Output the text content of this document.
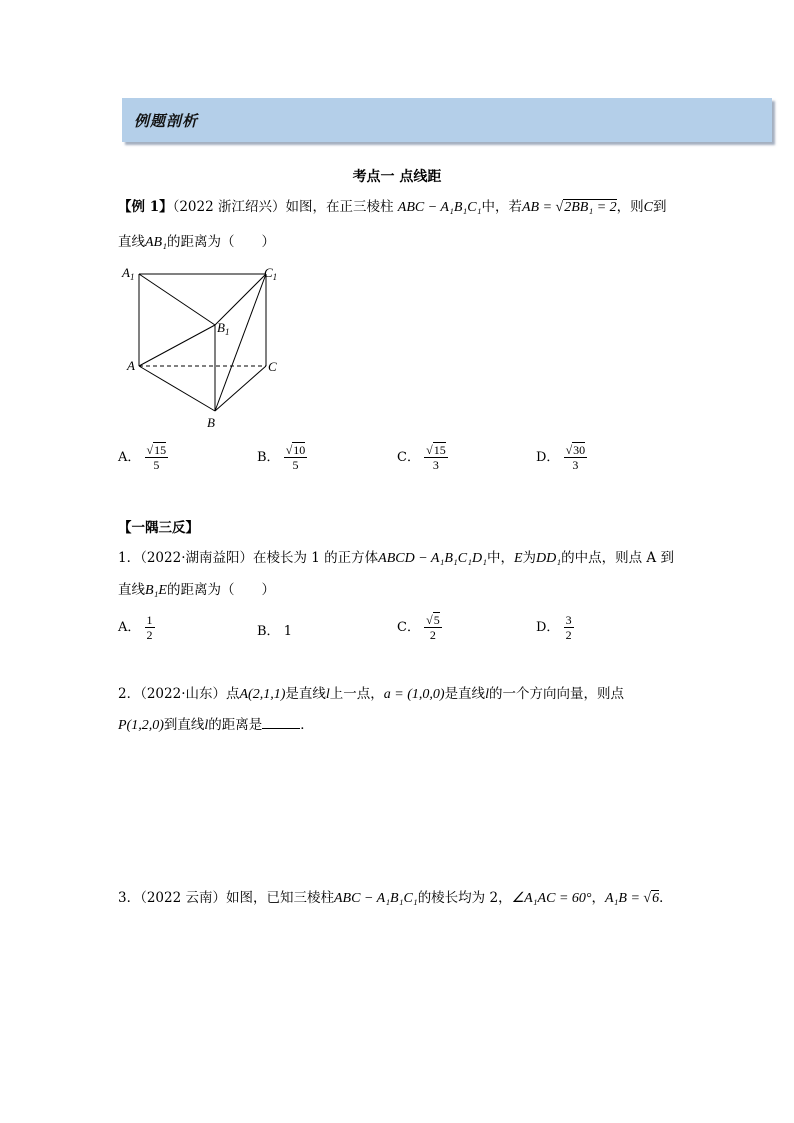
例题剖析
考点一 点线距
【例 1】（2022 浙江绍兴）如图，在正三棱柱 ABC − A₁B₁C₁中，若AB = √2BB₁ = 2，则C到
直线AB₁的距离为（　　）
$A_1$	$C_1$
$B_1$
A	C
B
A． $\frac{√15}{5}$	B． $\frac{√10}{5}$	C． $\frac{√15}{3}$	D． $\frac{√30}{3}$
【一隅三反】
1．（2022·湖南益阳）在棱长为 1 的正方体ABCD − A₁B₁C₁D₁中，E为DD₁的中点，则点 A 到
直线B₁E的距离为（　　）
A． $\frac{1}{2}$	B． 1	C． $\frac{√5}{2}$	D． $\frac{3}{2}$
2．（2022·山东）点A(2,1,1)是直线l上一点，a = (1,0,0)是直线l的一个方向向量，则点
P(1,2,0)到直线l的距离是	．
3．（2022 云南）如图，已知三棱柱ABC − A₁B₁C₁的棱长均为 2，∠A₁AC = 60°，A₁B = √6．
